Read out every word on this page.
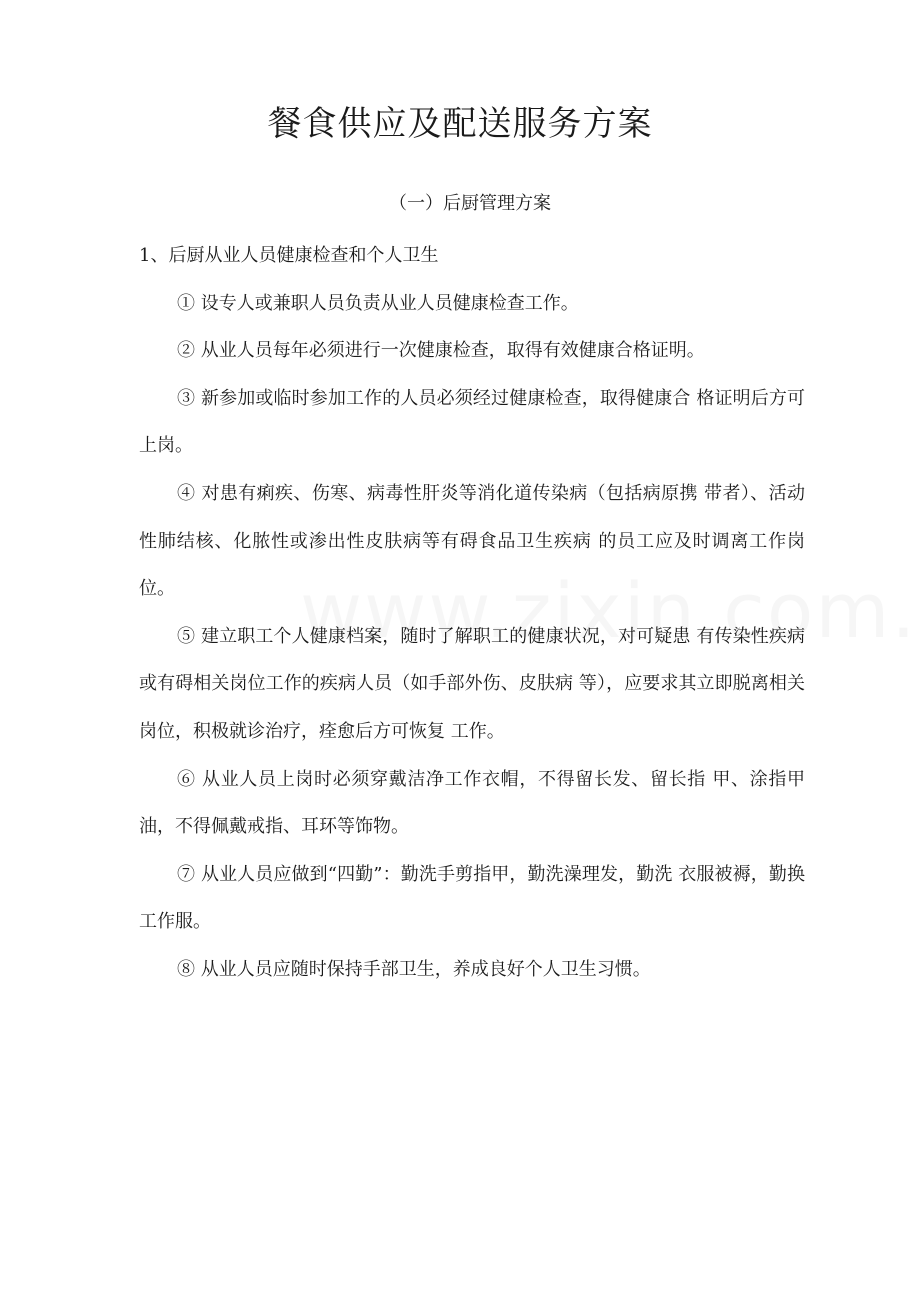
餐食供应及配送服务方案
（一）后厨管理方案

1、后厨从业人员健康检查和个人卫生

① 设专人或兼职人员负责从业人员健康检查工作。

② 从业人员每年必须进行一次健康检查，取得有效健康合格证明。

③ 新参加或临时参加工作的人员必须经过健康检查，取得健康合 格证明后方可上岗。

④ 对患有痢疾、伤寒、病毒性肝炎等消化道传染病（包括病原携 带者）、活动性肺结核、化脓性或渗出性皮肤病等有碍食品卫生疾病 的员工应及时调离工作岗位。

⑤ 建立职工个人健康档案，随时了解职工的健康状况，对可疑患 有传染性疾病或有碍相关岗位工作的疾病人员（如手部外伤、皮肤病 等），应要求其立即脱离相关岗位，积极就诊治疗，痊愈后方可恢复 工作。

⑥ 从业人员上岗时必须穿戴洁净工作衣帽，不得留长发、留长指 甲、涂指甲油，不得佩戴戒指、耳环等饰物。

⑦ 从业人员应做到“四勤”：勤洗手剪指甲，勤洗澡理发，勤洗 衣服被褥，勤换工作服。

⑧ 从业人员应随时保持手部卫生，养成良好个人卫生习惯。
